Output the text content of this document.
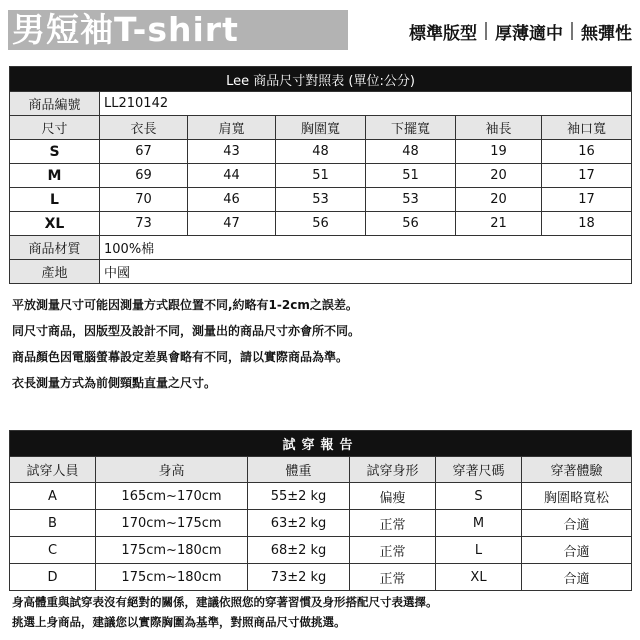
男短袖T-shirt	標準版型 厚薄適中 無彈性
Lee 商品尺寸對照表 (單位:公分)						
商品編號	LL210142					
尺寸	衣長	肩寬	胸圍寬	下擺寬	袖長	袖口寬
S	67	43	48	48	19	16
M	69	44	51	51	20	17
L	70	46	53	53	20	17
XL	73	47	56	56	21	18
商品材質	100%棉					
產地	中國					
平放測量尺寸可能因測量方式跟位置不同,約略有1-2cm之誤差。
同尺寸商品，因版型及設計不同，測量出的商品尺寸亦會所不同。
商品顏色因電腦螢幕設定差異會略有不同，請以實際商品為準。
衣長測量方式為前側頸點直量之尺寸。
試穿報告					
試穿人員	身高	體重	試穿身形	穿著尺碼	穿著體驗
A	165cm~170cm	55±2 kg	偏瘦	S	胸圍略寬松
B	170cm~175cm	63±2 kg	正常	M	合適
C	175cm~180cm	68±2 kg	正常	L	合適
D	175cm~180cm	73±2 kg	正常	XL	合適
身高體重與試穿表沒有絕對的關係，建議依照您的穿著習慣及身形搭配尺寸表選擇。
挑選上身商品，建議您以實際胸圍為基準，對照商品尺寸做挑選。
